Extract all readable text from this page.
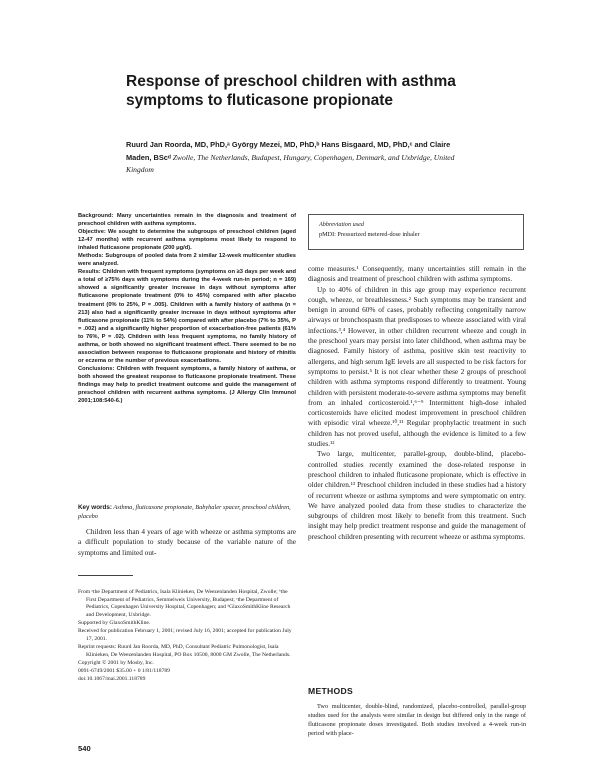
Response of preschool children with asthma symptoms to fluticasone propionate
Ruurd Jan Roorda, MD, PhD,ᵃ György Mezei, MD, PhD,ᵇ Hans Bisgaard, MD, PhD,ᶜ and Claire Maden, BScᵈ Zwolle, The Netherlands, Budapest, Hungary, Copenhagen, Denmark, and Uxbridge, United Kingdom

Background: Many uncertainties remain in the diagnosis and treatment of preschool children with asthma symptoms.

Objective: We sought to determine the subgroups of preschool children (aged 12-47 months) with recurrent asthma symptoms most likely to respond to inhaled fluticasone propionate (200 μg/d).

Methods: Subgroups of pooled data from 2 similar 12-week multicenter studies were analyzed.

Results: Children with frequent symptoms (symptoms on ≥3 days per week and a total of ≥75% days with symptoms during the 4-week run-in period; n = 169) showed a significantly greater increase in days without symptoms after fluticasone propionate treatment (0% to 45%) compared with after placebo treatment (0% to 25%, P = .005). Children with a family history of asthma (n = 213) also had a significantly greater increase in days without symptoms after fluticasone propionate (11% to 54%) compared with after placebo (7% to 35%, P = .002) and a significantly higher proportion of exacerbation-free patients (61% to 76%, P = .02). Children with less frequent symptoms, no family history of asthma, or both showed no significant treatment effect. There seemed to be no association between response to fluticasone propionate and history of rhinitis or eczema or the number of previous exacerbations.

Conclusions: Children with frequent symptoms, a family history of asthma, or both showed the greatest response to fluticasone propionate treatment. These findings may help to predict treatment outcome and guide the management of preschool children with recurrent asthma symptoms. (J Allergy Clin Immunol 2001;108:540-6.)

Key words: Asthma, fluticasone propionate, Babyhaler spacer, preschool children, placebo

Children less than 4 years of age with wheeze or asthma symptoms are a difficult population to study because of the variable nature of the symptoms and limited out-

From ᵃthe Department of Pediatrics, Isala Klinieken, De Weezenlanden Hospital, Zwolle; ᵇthe First Department of Pediatrics, Semmelweis University, Budapest; ᶜthe Department of Pediatrics, Copenhagen University Hospital, Copenhagen; and ᵈGlaxoSmithKline Research and Development, Uxbridge.

Supported by GlaxoSmithKline.

Received for publication February 1, 2001; revised July 16, 2001; accepted for publication July 17, 2001.

Reprint requests: Ruurd Jan Roorda, MD, PhD, Consultant Pediatric Pulmonologist, Isala Klinieken, De Weezenlanden Hospital, PO Box 10500, 8000 GM Zwolle, The Netherlands.

Copyright © 2001 by Mosby, Inc.

0091-6749/2001 $35.00 + 0 1/81/118789

doi:10.1067/mai.2001.118789

540
Abbreviation used
pMDI: Pressurized metered-dose inhaler

come measures.¹ Consequently, many uncertainties still remain in the diagnosis and treatment of preschool children with asthma symptoms.

Up to 40% of children in this age group may experience recurrent cough, wheeze, or breathlessness.² Such symptoms may be transient and benign in around 60% of cases, probably reflecting congenitally narrow airways or bronchospasm that predisposes to wheeze associated with viral infections.³,⁴ However, in other children recurrent wheeze and cough in the preschool years may persist into later childhood, when asthma may be diagnosed. Family history of asthma, positive skin test reactivity to allergens, and high serum IgE levels are all suspected to be risk factors for symptoms to persist.⁵ It is not clear whether these 2 groups of preschool children with asthma symptoms respond differently to treatment. Young children with persistent moderate-to-severe asthma symptoms may benefit from an inhaled corticosteroid.¹,⁶⁻⁹ Intermittent high-dose inhaled corticosteroids have elicited modest improvement in preschool children with episodic viral wheeze.¹⁰,¹¹ Regular prophylactic treatment in such children has not proved useful, although the evidence is limited to a few studies.¹²

Two large, multicenter, parallel-group, double-blind, placebo-controlled studies recently examined the dose-related response in preschool children to inhaled fluticasone propionate, which is effective in older children.¹³ Preschool children included in these studies had a history of recurrent wheeze or asthma symptoms and were symptomatic on entry. We have analyzed pooled data from these studies to characterize the subgroups of children most likely to benefit from this treatment. Such insight may help predict treatment response and guide the management of preschool children presenting with recurrent wheeze or asthma symptoms.

METHODS

Two multicenter, double-blind, randomized, placebo-controlled, parallel-group studies used for the analysis were similar in design but differed only in the range of fluticasone propionate doses investigated. Both studies involved a 4-week run-in period with place-
